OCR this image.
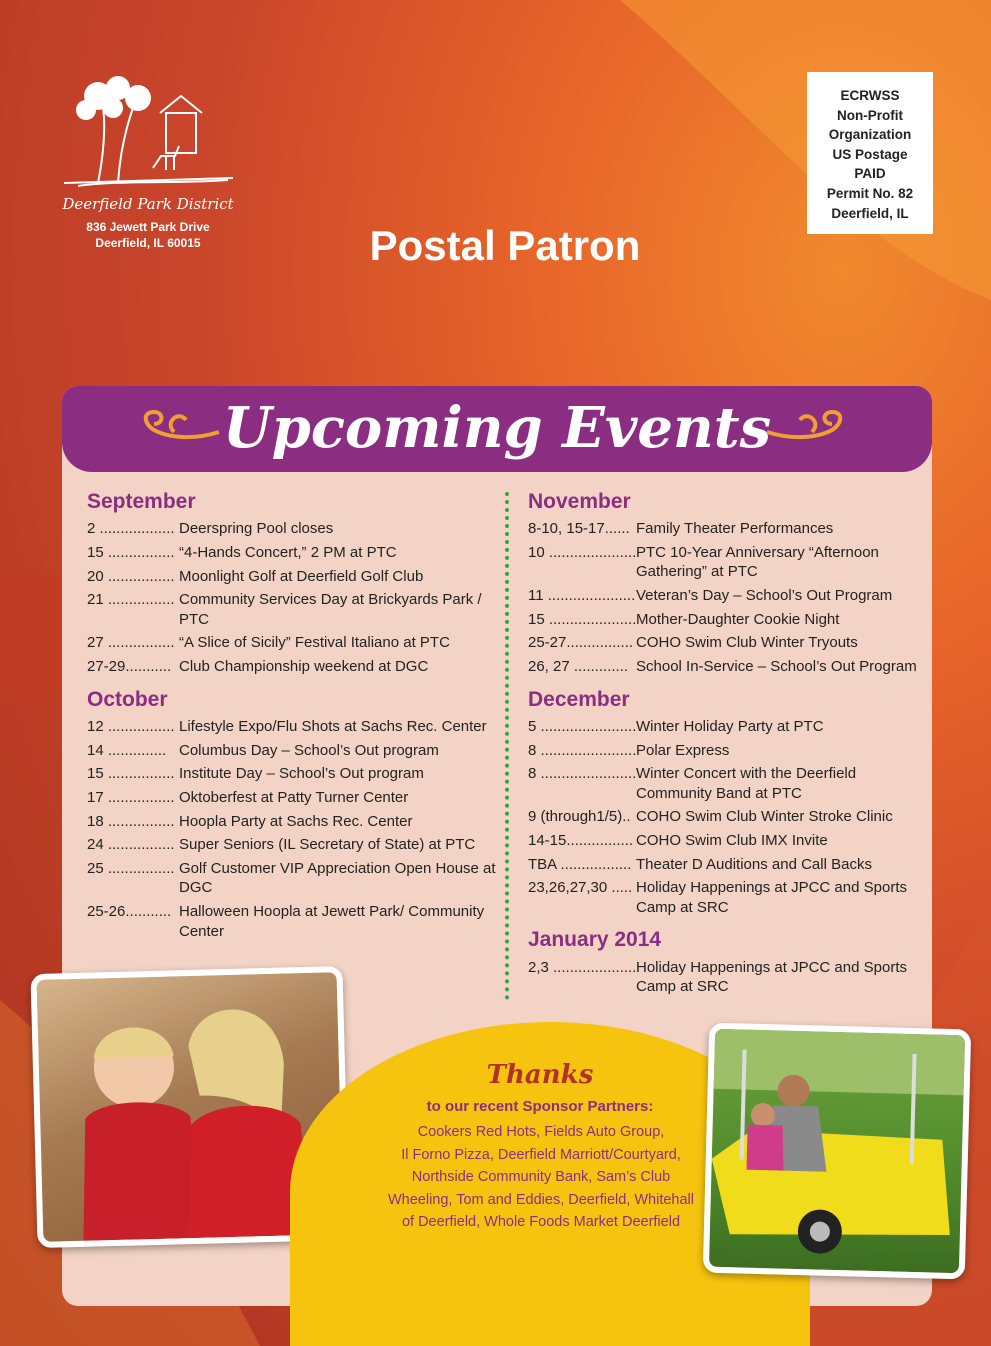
Deerfield Park District
836 Jewett Park Drive
Deerfield, IL 60015
ECRWSS
Non-Profit
Organization
US Postage
PAID
Permit No. 82
Deerfield, IL
Postal Patron
Upcoming Events
September
2 .................. Deerspring Pool closes
15 ................ “4-Hands Concert,” 2 PM at PTC
20 ................ Moonlight Golf at Deerfield Golf Club
21 ................ Community Services Day at Brickyards Park / PTC
27 ................ “A Slice of Sicily” Festival Italiano at PTC
27-29........... Club Championship weekend at DGC
October
12 ................ Lifestyle Expo/Flu Shots at Sachs Rec. Center
14 .............. Columbus Day – School’s Out program
15 ................ Institute Day – School’s Out program
17 ................ Oktoberfest at Patty Turner Center
18 ................ Hoopla Party at Sachs Rec. Center
24 ................ Super Seniors (IL Secretary of State) at PTC
25 ................ Golf Customer VIP Appreciation Open House at DGC
25-26........... Halloween Hoopla at Jewett Park/ Community Center
November
8-10, 15-17...... Family Theater Performances
10 ..................... PTC 10-Year Anniversary “Afternoon Gathering” at PTC
11 ..................... Veteran’s Day – School’s Out Program
15 ..................... Mother-Daughter Cookie Night
25-27................ COHO Swim Club Winter Tryouts
26, 27 ............. School In-Service – School’s Out Program
December
5 ....................... Winter Holiday Party at PTC
8 ....................... Polar Express
8 ....................... Winter Concert with the Deerfield Community Band at PTC
9 (through1/5).. COHO Swim Club Winter Stroke Clinic
14-15................ COHO Swim Club IMX Invite
TBA ................. Theater D Auditions and Call Backs
23,26,27,30 ..... Holiday Happenings at JPCC and Sports Camp at SRC
January 2014
2,3 .................... Holiday Happenings at JPCC and Sports Camp at SRC
Thanks
to our recent Sponsor Partners:
Cookers Red Hots, Fields Auto Group,
Il Forno Pizza, Deerfield Marriott/Courtyard,
Northside Community Bank, Sam’s Club
Wheeling, Tom and Eddies, Deerfield, Whitehall
of Deerfield, Whole Foods Market Deerfield
